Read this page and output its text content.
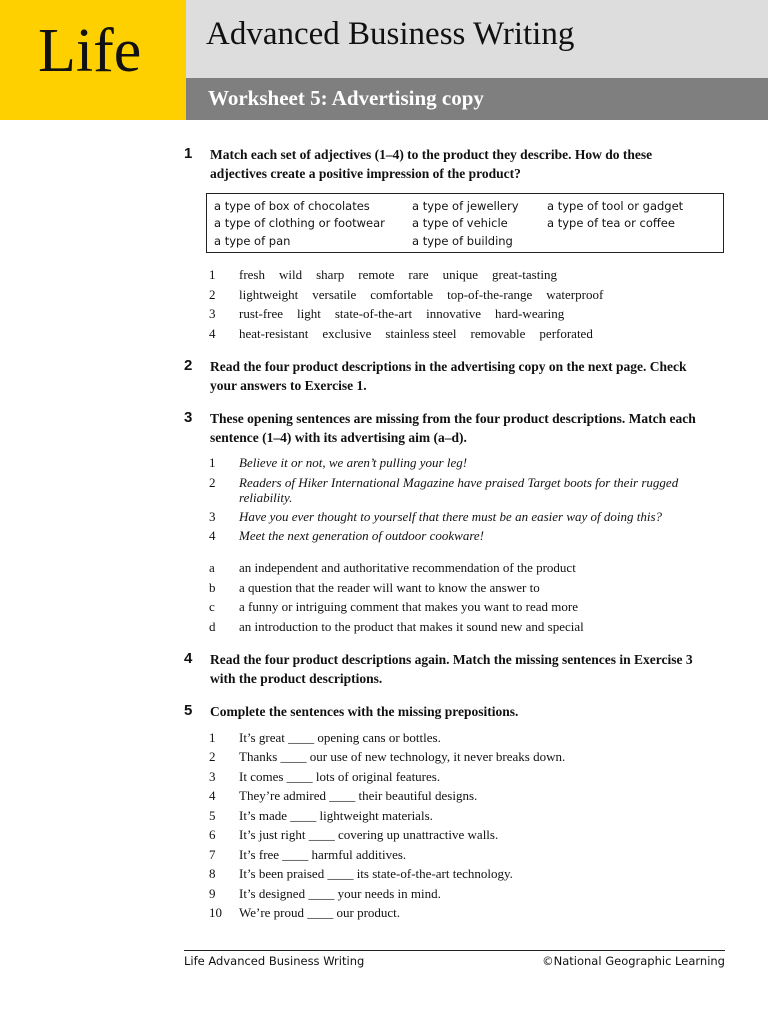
Life Advanced Business Writing
Worksheet 5: Advertising copy
1 Match each set of adjectives (1–4) to the product they describe. How do these adjectives create a positive impression of the product?
a type of box of chocolates	a type of jewellery a type of tool or gadget
a type of clothing or footwear a type of vehicle	a type of tea or coffee
a type of pan	a type of building
1 fresh wild sharp remote rare unique great-tasting
2 lightweight versatile comfortable top-of-the-range waterproof
3 rust-free light state-of-the-art innovative hard-wearing
4 heat-resistant exclusive stainless steel removable perforated
2 Read the four product descriptions in the advertising copy on the next page. Check your answers to Exercise 1.
3 These opening sentences are missing from the four product descriptions. Match each sentence (1–4) with its advertising aim (a–d).
1 Believe it or not, we aren’t pulling your leg!
2 Readers of Hiker International Magazine have praised Target boots for their rugged reliability.
3 Have you ever thought to yourself that there must be an easier way of doing this?
4 Meet the next generation of outdoor cookware!
a an independent and authoritative recommendation of the product
b a question that the reader will want to know the answer to
c a funny or intriguing comment that makes you want to read more
d an introduction to the product that makes it sound new and special
4 Read the four product descriptions again. Match the missing sentences in Exercise 3 with the product descriptions.
5 Complete the sentences with the missing prepositions.
1 It’s great ____ opening cans or bottles.
2 Thanks ____ our use of new technology, it never breaks down.
3 It comes ____ lots of original features.
4 They’re admired ____ their beautiful designs.
5 It’s made ____ lightweight materials.
6 It’s just right ____ covering up unattractive walls.
7 It’s free ____ harmful additives.
8 It’s been praised ____ its state-of-the-art technology.
9 It’s designed ____ your needs in mind.
10 We’re proud ____ our product.
Life Advanced Business Writing	©National Geographic Learning
